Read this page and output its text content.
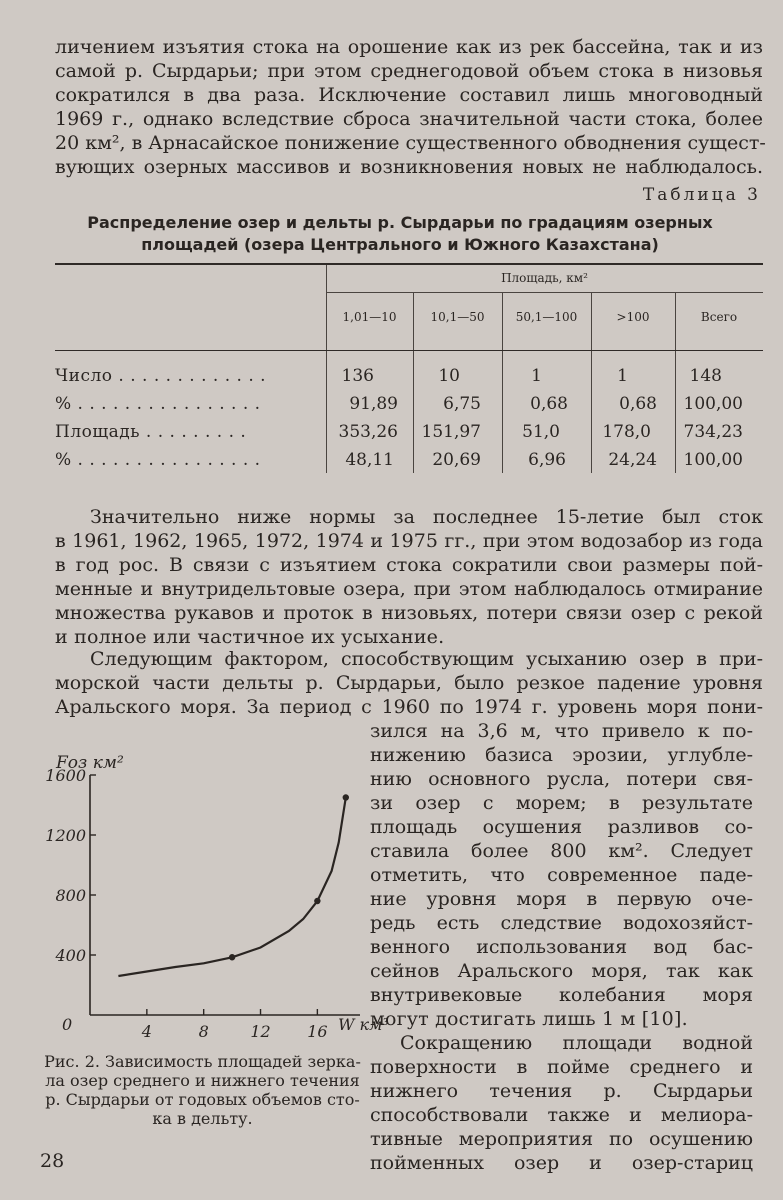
личением изъятия стока на орошение как из рек бассейна, так и из
самой р. Сырдарьи; при этом среднегодовой объем стока в низовья
сократился в два раза. Исключение составил лишь многоводный
1969 г., однако вследствие сброса значительной части стока, более
20 км², в Арнасайское понижение существенного обводнения сущест-
вующих озерных массивов и возникновения новых не наблюдалось.
Таблица 3
Распределение озер и дельты р. Сырдарьи по градациям озерных
площадей (озера Центрального и Южного Казахстана)
Площадь, км²
1,01—10	10,1—50	50,1—100	>100	Всего
Число . . . . . . . . . . . . .	136	10	1	1	148
% . . . . . . . . . . . . . . . .	91,89	6,75	0,68	0,68	100,00
Площадь . . . . . . . . .	353,26	151,97	51,0	178,0	734,23
% . . . . . . . . . . . . . . . .	48,11	20,69	6,96	24,24	100,00
Значительно ниже нормы за последнее 15-летие был сток
в 1961, 1962, 1965, 1972, 1974 и 1975 гг., при этом водозабор из года
в год рос. В связи с изъятием стока сократили свои размеры пой-
менные и внутридельтовые озера, при этом наблюдалось отмирание
множества рукавов и проток в низовьях, потери связи озер с рекой
и полное или частичное их усыхание.
Следующим фактором, способствующим усыханию озер в при-
морской части дельты р. Сырдарьи, было резкое падение уровня
Аральского моря. За период с 1960 по 1974 г. уровень моря пони-
зился на 3,6 м, что привело к по-
нижению базиса эрозии, углубле-
нию основного русла, потери свя-
зи озер с морем; в результате
площадь осушения разливов со-
ставила более 800 км². Следует
отметить, что современное паде-
ние уровня моря в первую оче-
редь есть следствие водохозяйст-
венного использования вод бас-
сейнов Аральского моря, так как
внутривековые колебания моря
могут достигать лишь 1 м [10].
Сокращению площади водной
поверхности в пойме среднего и
нижнего течения р. Сырдарьи
способствовали также и мелиора-
тивные мероприятия по осушению
пойменных озер и озер-стариц
Fоз км²
4	8	12 16
400
800
1200
1600
0	W км³
Рис. 2. Зависимость площадей зерка-
ла озер среднего и нижнего течения
р. Сырдарьи от годовых объемов сто-
ка в дельту.
28
